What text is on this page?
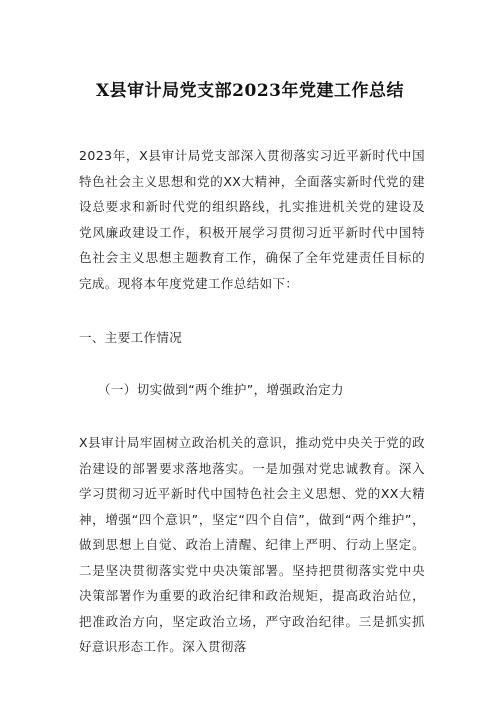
X县审计局党支部2023年党建工作总结
2023年，X县审计局党支部深入贯彻落实习近平新时代中国特色社会主义思想和党的XX大精神，全面落实新时代党的建设总要求和新时代党的组织路线，扎实推进机关党的建设及党风廉政建设工作，积极开展学习贯彻习近平新时代中国特色社会主义思想主题教育工作，确保了全年党建责任目标的完成。现将本年度党建工作总结如下：
一、主要工作情况
（一）切实做到“两个维护”，增强政治定力
X县审计局牢固树立政治机关的意识，推动党中央关于党的政治建设的部署要求落地落实。一是加强对党忠诚教育。深入学习贯彻习近平新时代中国特色社会主义思想、党的XX大精神，增强“四个意识”，坚定“四个自信”，做到“两个维护”，做到思想上自觉、政治上清醒、纪律上严明、行动上坚定。二是坚决贯彻落实党中央决策部署。坚持把贯彻落实党中央决策部署作为重要的政治纪律和政治规矩，提高政治站位，把准政治方向，坚定政治立场，严守政治纪律。三是抓实抓好意识形态工作。深入贯彻落
